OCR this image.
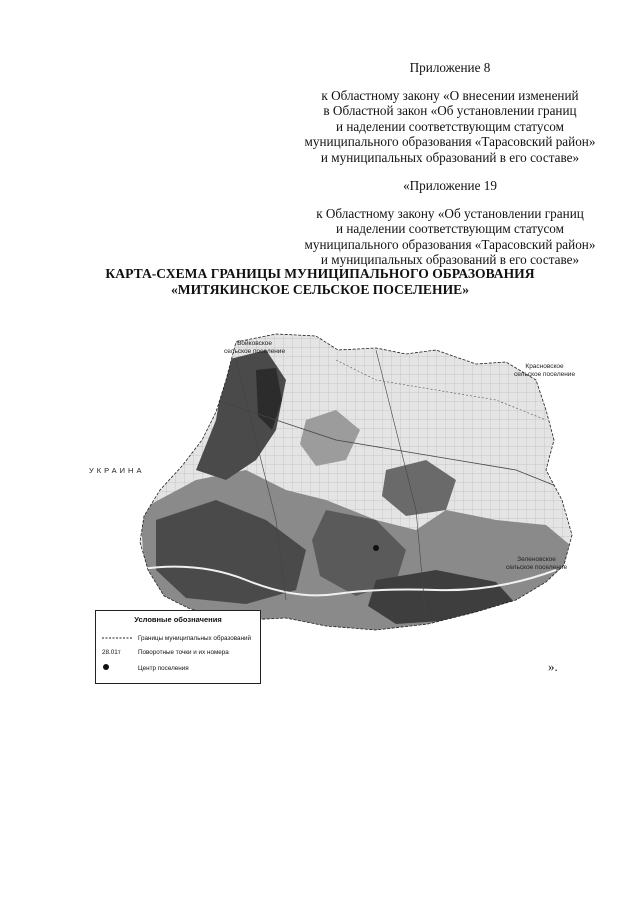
Приложение 8
к Областному закону «О внесении изменений
в Областной закон «Об установлении границ
и наделении соответствующим статусом
муниципального образования «Тарасовский район»
и муниципальных образований в его составе»
«Приложение 19
к Областному закону «Об установлении границ
и наделении соответствующим статусом
муниципального образования «Тарасовский район»
и муниципальных образований в его составе»
КАРТА-СХЕМА ГРАНИЦЫ МУНИЦИПАЛЬНОГО ОБРАЗОВАНИЯ
«МИТЯКИНСКОЕ СЕЛЬСКОЕ ПОСЕЛЕНИЕ»
Войковское
сельское поселение
Красновское
сельское поселение
Зеленовское
сельское поселение
УКРАИНА
Условные обозначения
Границы муниципальных образований
28.01т	Поворотные точки и их номера
Центр поселения	».
